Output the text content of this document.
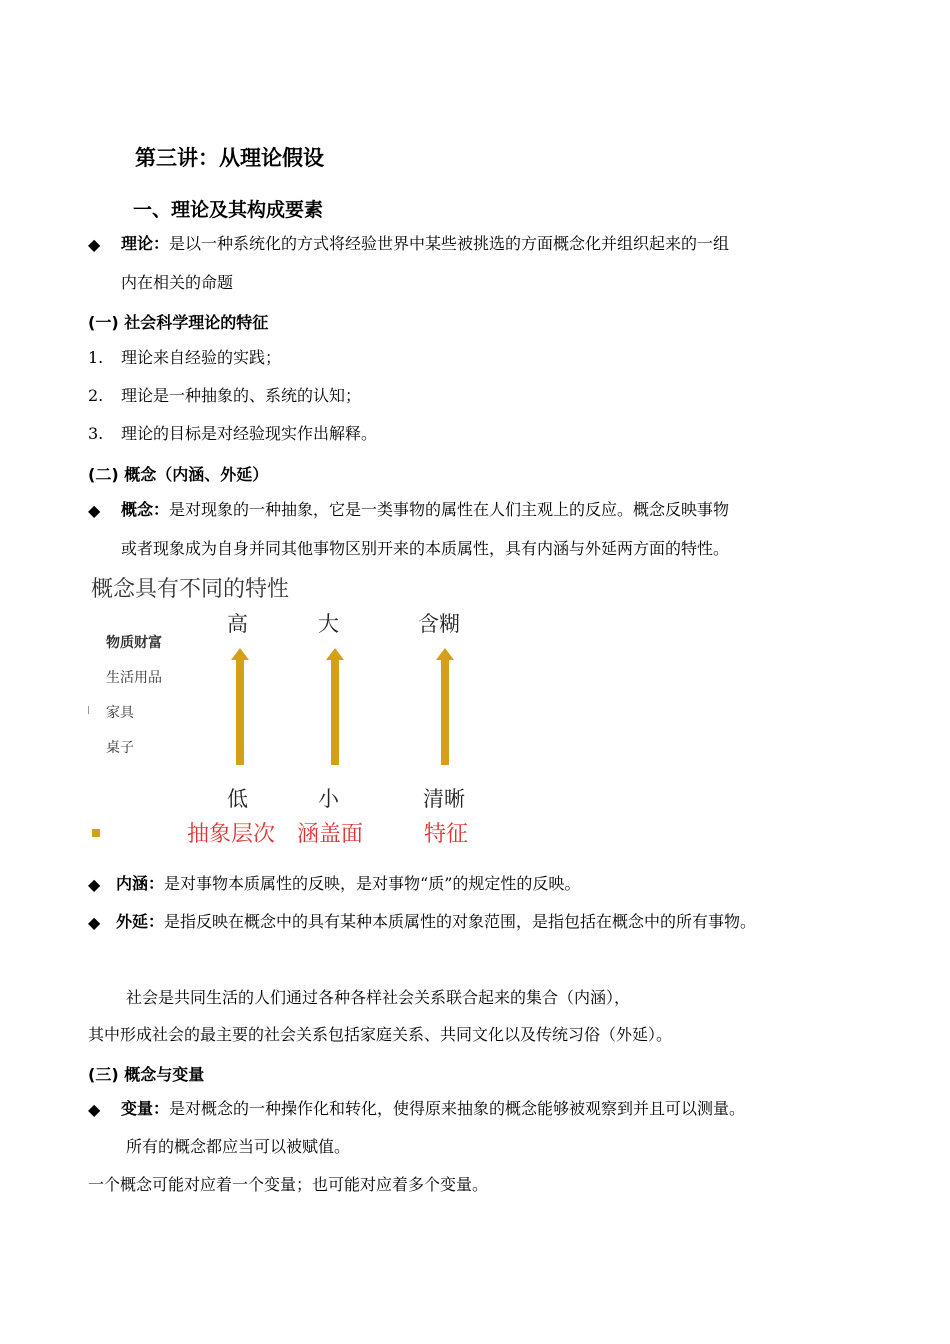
第三讲：从理论假设
一、理论及其构成要素
◆ 理论：是以一种系统化的方式将经验世界中某些被挑选的方面概念化并组织起来的一组
内在相关的命题
(一) 社会科学理论的特征
1. 理论来自经验的实践；
2. 理论是一种抽象的、系统的认知；
3. 理论的目标是对经验现实作出解释。
(二) 概念（内涵、外延）
◆ 概念：是对现象的一种抽象，它是一类事物的属性在人们主观上的反应。概念反映事物
或者现象成为自身并同其他事物区别开来的本质属性，具有内涵与外延两方面的特性。
概念具有不同的特性
物质财富
生活用品
家具
桌子
高	大	含糊
低	小	清晰
抽象层次 涵盖面	特征
◆ 内涵：是对事物本质属性的反映，是对事物“质”的规定性的反映。
◆ 外延：是指反映在概念中的具有某种本质属性的对象范围，是指包括在概念中的所有事物。
社会是共同生活的人们通过各种各样社会关系联合起来的集合（内涵），
其中形成社会的最主要的社会关系包括家庭关系、共同文化以及传统习俗（外延）。
(三) 概念与变量
◆ 变量：是对概念的一种操作化和转化，使得原来抽象的概念能够被观察到并且可以测量。
所有的概念都应当可以被赋值。
一个概念可能对应着一个变量；也可能对应着多个变量。
